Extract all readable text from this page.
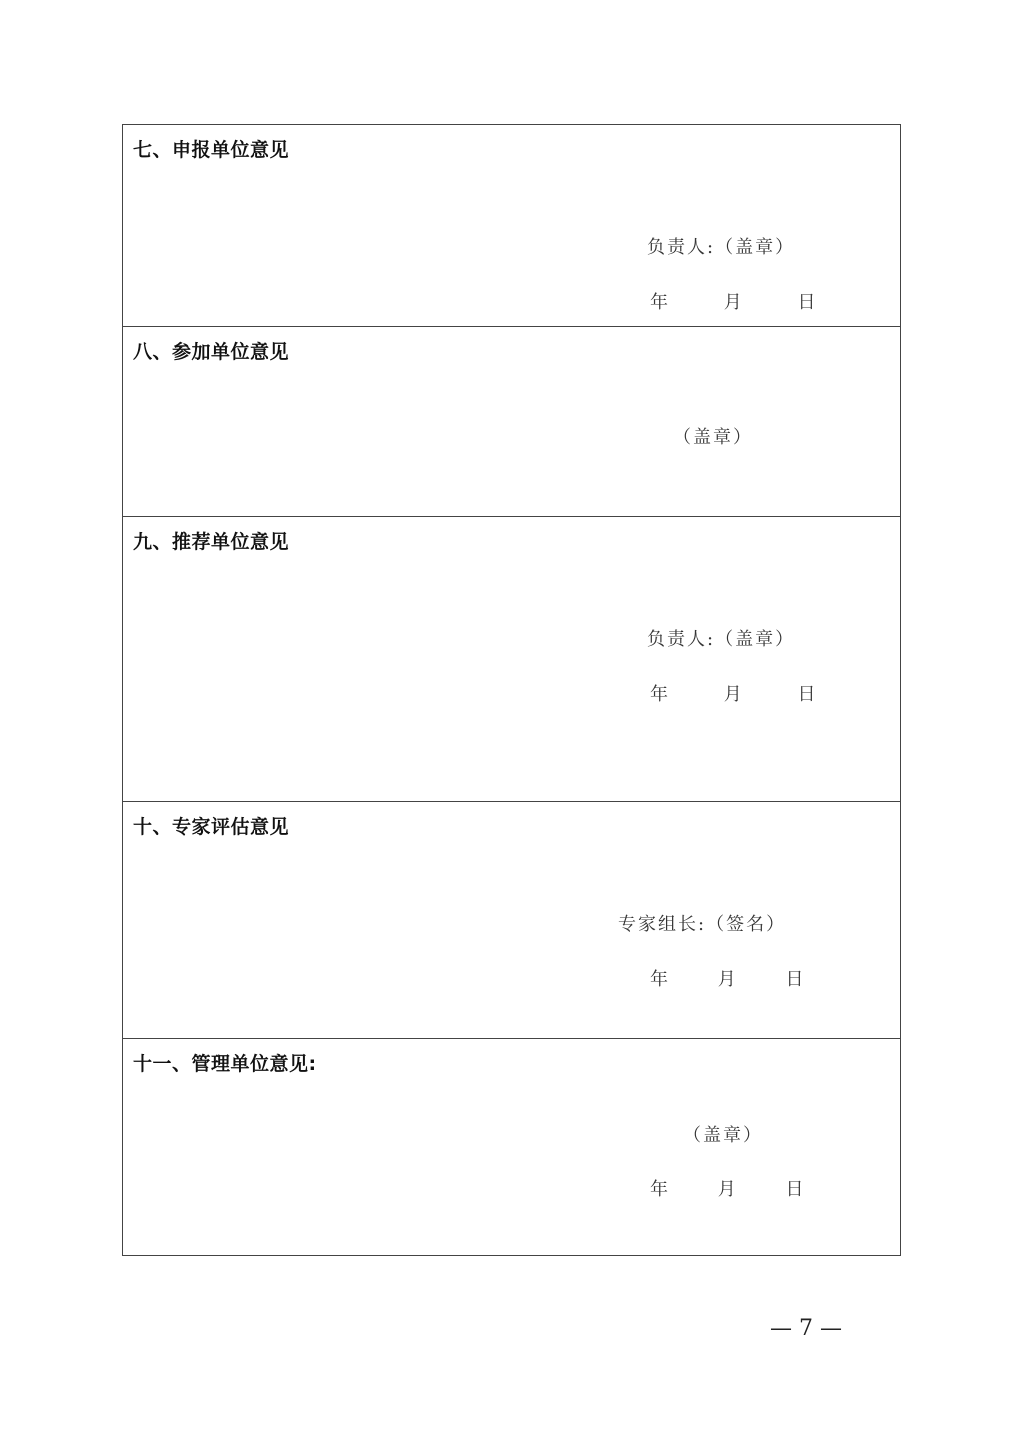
七、申报单位意见
负责人:（盖章）
年	月	日
八、参加单位意见
（盖章）
九、推荐单位意见
负责人:（盖章）
年	月	日
十、专家评估意见
专家组长:（签名）
年	月	日
十一、管理单位意见:
（盖章）
年	月	日
— 7 —
